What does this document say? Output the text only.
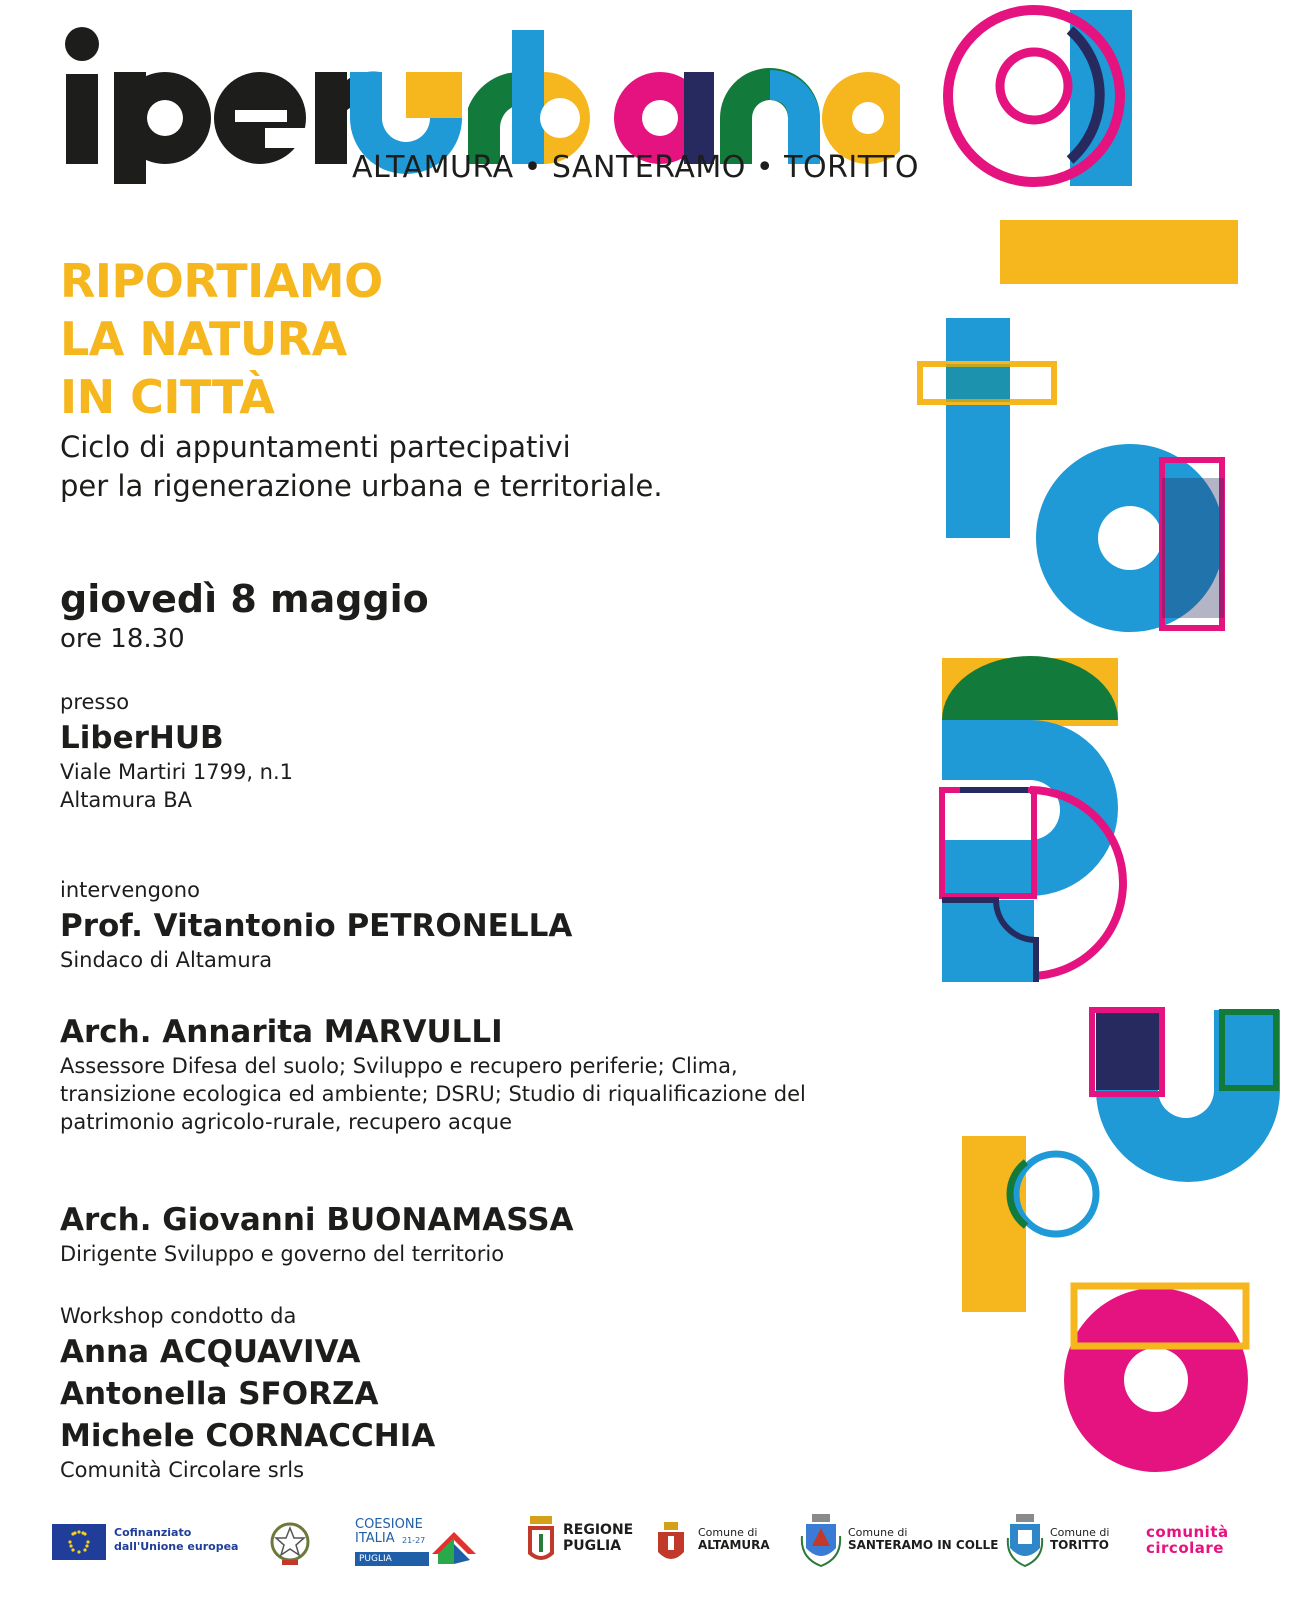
iperurbano
ALTAMURA • SANTERAMO • TORITTO
RIPORTIAMO
LA NATURA
IN CITTÀ
Ciclo di appuntamenti partecipativi
per la rigenerazione urbana e territoriale.
giovedì 8 maggio
ore 18.30
presso
LiberHUB
Viale Martiri 1799, n.1
Altamura BA
intervengono
Prof. Vitantonio PETRONELLA
Sindaco di Altamura
Arch. Annarita MARVULLI
Assessore Difesa del suolo; Sviluppo e recupero periferie; Clima,
transizione ecologica ed ambiente; DSRU; Studio di riqualificazione del
patrimonio agricolo-rurale, recupero acque
Arch. Giovanni BUONAMASSA
Dirigente Sviluppo e governo del territorio
Workshop condotto da
Anna ACQUAVIVA
Antonella SFORZA
Michele CORNACCHIA
Comunità Circolare srls
Cofinanziato
dall'Unione europea
COESIONE
ITALIA 21-27
PUGLIA
REGIONE
PUGLIA
Comune di
ALTAMURA
Comune di
SANTERAMO IN COLLE
Comune di
TORITTO
comunità
circolare
